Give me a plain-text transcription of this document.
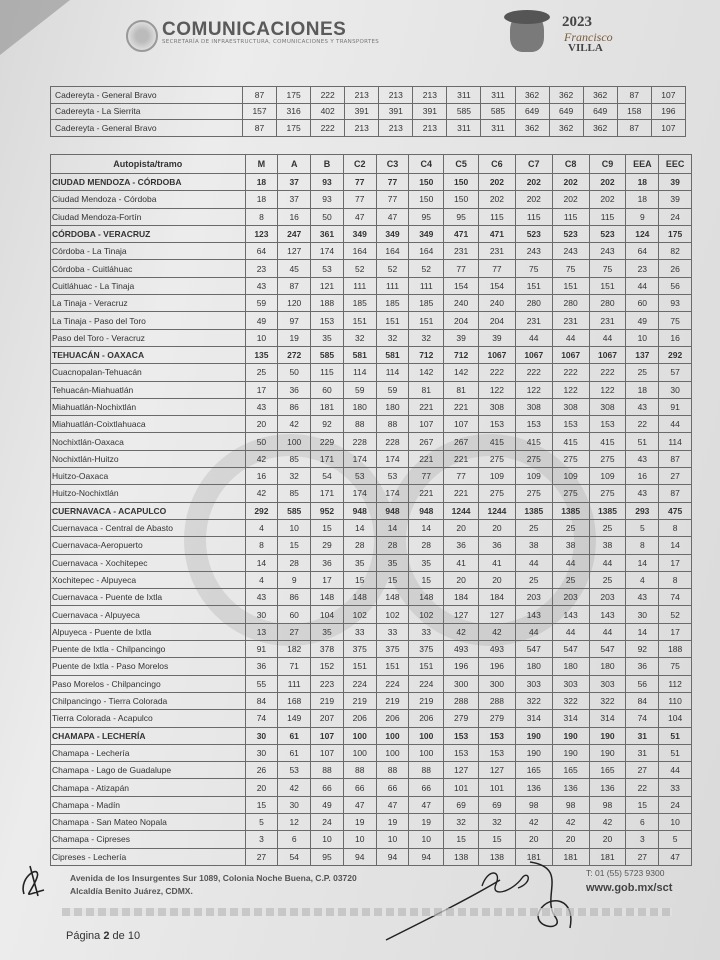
COMUNICACIONES
SECRETARÍA DE INFRAESTRUCTURA, COMUNICACIONES Y TRANSPORTES
2023
Francisco
VILLA
Cadereyta - General Bravo	87	175	222	213	213	213	311	311	362	362	362	87	107
Cadereyta - La Sierrita	157	316	402	391	391	391	585	585	649	649	649	158	196
Cadereyta - General Bravo	87	175	222	213	213	213	311	311	362	362	362	87	107
Autopista/tramo	M	A	B	C2	C3	C4	C5	C6	C7	C8	C9	EEA	EEC
CIUDAD MENDOZA - CÓRDOBA	18	37	93	77	77	150	150	202	202	202	202	18	39
Ciudad Mendoza - Córdoba	18	37	93	77	77	150	150	202	202	202	202	18	39
Ciudad Mendoza-Fortín	8	16	50	47	47	95	95	115	115	115	115	9	24
CÓRDOBA - VERACRUZ	123	247	361	349	349	349	471	471	523	523	523	124	175
Córdoba - La Tinaja	64	127	174	164	164	164	231	231	243	243	243	64	82
Córdoba - Cuitláhuac	23	45	53	52	52	52	77	77	75	75	75	23	26
Cuitláhuac - La Tinaja	43	87	121	111	111	111	154	154	151	151	151	44	56
La Tinaja - Veracruz	59	120	188	185	185	185	240	240	280	280	280	60	93
La Tinaja - Paso del Toro	49	97	153	151	151	151	204	204	231	231	231	49	75
Paso del Toro - Veracruz	10	19	35	32	32	32	39	39	44	44	44	10	16
TEHUACÁN - OAXACA	135	272	585	581	581	712	712	1067	1067	1067	1067	137	292
Cuacnopalan-Tehuacán	25	50	115	114	114	142	142	222	222	222	222	25	57
Tehuacán-Miahuatlán	17	36	60	59	59	81	81	122	122	122	122	18	30
Miahuatlán-Nochixtlán	43	86	181	180	180	221	221	308	308	308	308	43	91
Miahuatlán-Coixtlahuaca	20	42	92	88	88	107	107	153	153	153	153	22	44
Nochixtlán-Oaxaca	50	100	229	228	228	267	267	415	415	415	415	51	114
Nochixtlán-Huitzo	42	85	171	174	174	221	221	275	275	275	275	43	87
Huitzo-Oaxaca	16	32	54	53	53	77	77	109	109	109	109	16	27
Huitzo-Nochixtlán	42	85	171	174	174	221	221	275	275	275	275	43	87
CUERNAVACA - ACAPULCO	292	585	952	948	948	948	1244	1244	1385	1385	1385	293	475
Cuernavaca - Central de Abasto	4	10	15	14	14	14	20	20	25	25	25	5	8
Cuernavaca-Aeropuerto	8	15	29	28	28	28	36	36	38	38	38	8	14
Cuernavaca - Xochitepec	14	28	36	35	35	35	41	41	44	44	44	14	17
Xochitepec - Alpuyeca	4	9	17	15	15	15	20	20	25	25	25	4	8
Cuernavaca - Puente de Ixtla	43	86	148	148	148	148	184	184	203	203	203	43	74
Cuernavaca - Alpuyeca	30	60	104	102	102	102	127	127	143	143	143	30	52
Alpuyeca - Puente de Ixtla	13	27	35	33	33	33	42	42	44	44	44	14	17
Puente de Ixtla - Chilpancingo	91	182	378	375	375	375	493	493	547	547	547	92	188
Puente de Ixtla - Paso Morelos	36	71	152	151	151	151	196	196	180	180	180	36	75
Paso Morelos - Chilpancingo	55	111	223	224	224	224	300	300	303	303	303	56	112
Chilpancingo - Tierra Colorada	84	168	219	219	219	219	288	288	322	322	322	84	110
Tierra Colorada - Acapulco	74	149	207	206	206	206	279	279	314	314	314	74	104
CHAMAPA - LECHERÍA	30	61	107	100	100	100	153	153	190	190	190	31	51
Chamapa - Lechería	30	61	107	100	100	100	153	153	190	190	190	31	51
Chamapa - Lago de Guadalupe	26	53	88	88	88	88	127	127	165	165	165	27	44
Chamapa - Atizapán	20	42	66	66	66	66	101	101	136	136	136	22	33
Chamapa - Madín	15	30	49	47	47	47	69	69	98	98	98	15	24
Chamapa - San Mateo Nopala	5	12	24	19	19	19	32	32	42	42	42	6	10
Chamapa - Cipreses	3	6	10	10	10	10	15	15	20	20	20	3	5
Cipreses - Lechería	27	54	95	94	94	94	138	138	181	181	181	27	47
Avenida de los Insurgentes Sur 1089, Colonia Noche Buena, C.P. 03720
Alcaldía Benito Juárez, CDMX.
T: 01 (55) 5723 9300
www.gob.mx/sct
Página 2 de 10
